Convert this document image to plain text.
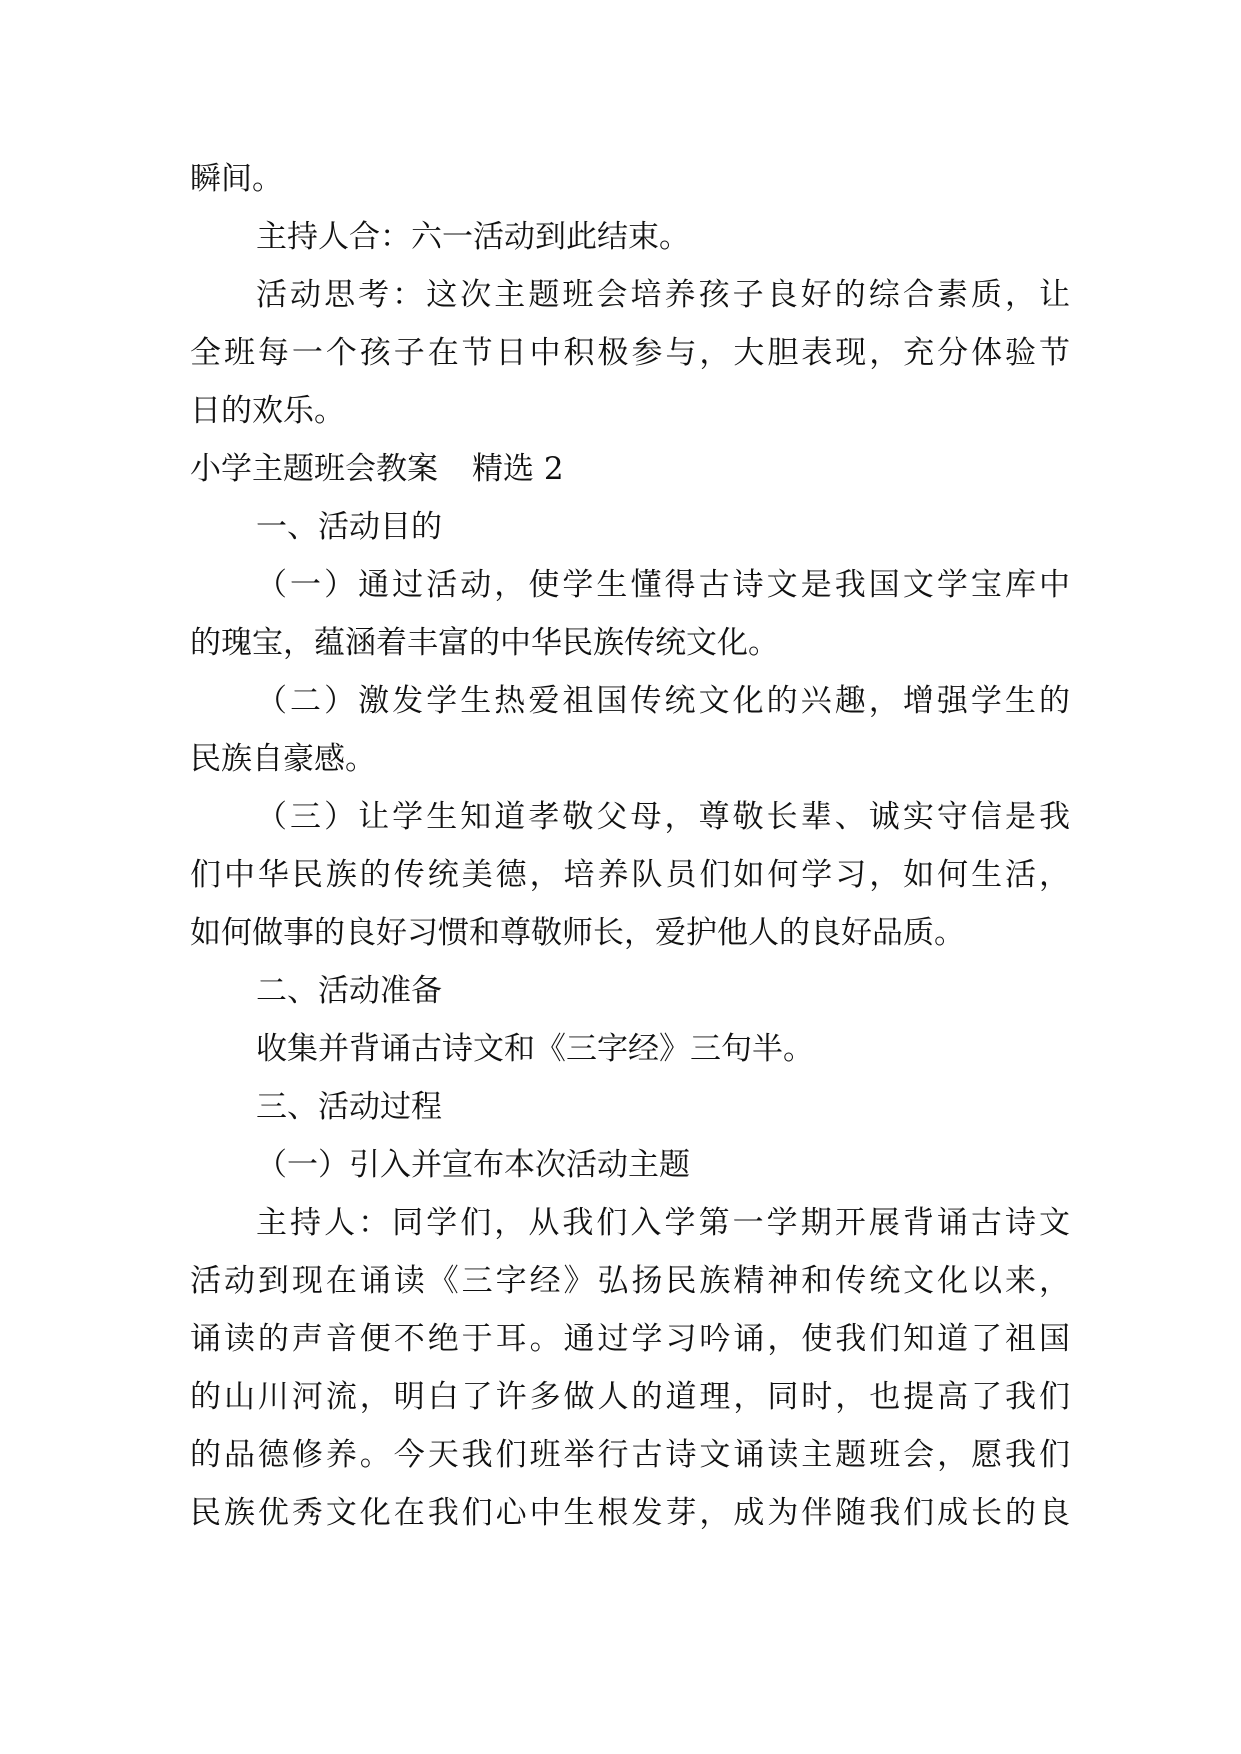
瞬间。
主持人合：六一活动到此结束。
活动思考：这次主题班会培养孩子良好的综合素质，让
全班每一个孩子在节日中积极参与，大胆表现，充分体验节
日的欢乐。
小学主题班会教案 精选 2
一、活动目的
（一）通过活动，使学生懂得古诗文是我国文学宝库中
的瑰宝，蕴涵着丰富的中华民族传统文化。
（二）激发学生热爱祖国传统文化的兴趣，增强学生的
民族自豪感。
（三）让学生知道孝敬父母，尊敬长辈、诚实守信是我
们中华民族的传统美德，培养队员们如何学习，如何生活，
如何做事的良好习惯和尊敬师长，爱护他人的良好品质。
二、活动准备
收集并背诵古诗文和《三字经》三句半。
三、活动过程
（一）引入并宣布本次活动主题
主持人：同学们，从我们入学第一学期开展背诵古诗文
活动到现在诵读《三字经》弘扬民族精神和传统文化以来，
诵读的声音便不绝于耳。通过学习吟诵，使我们知道了祖国
的山川河流，明白了许多做人的道理，同时，也提高了我们
的品德修养。今天我们班举行古诗文诵读主题班会，愿我们
民族优秀文化在我们心中生根发芽，成为伴随我们成长的良
